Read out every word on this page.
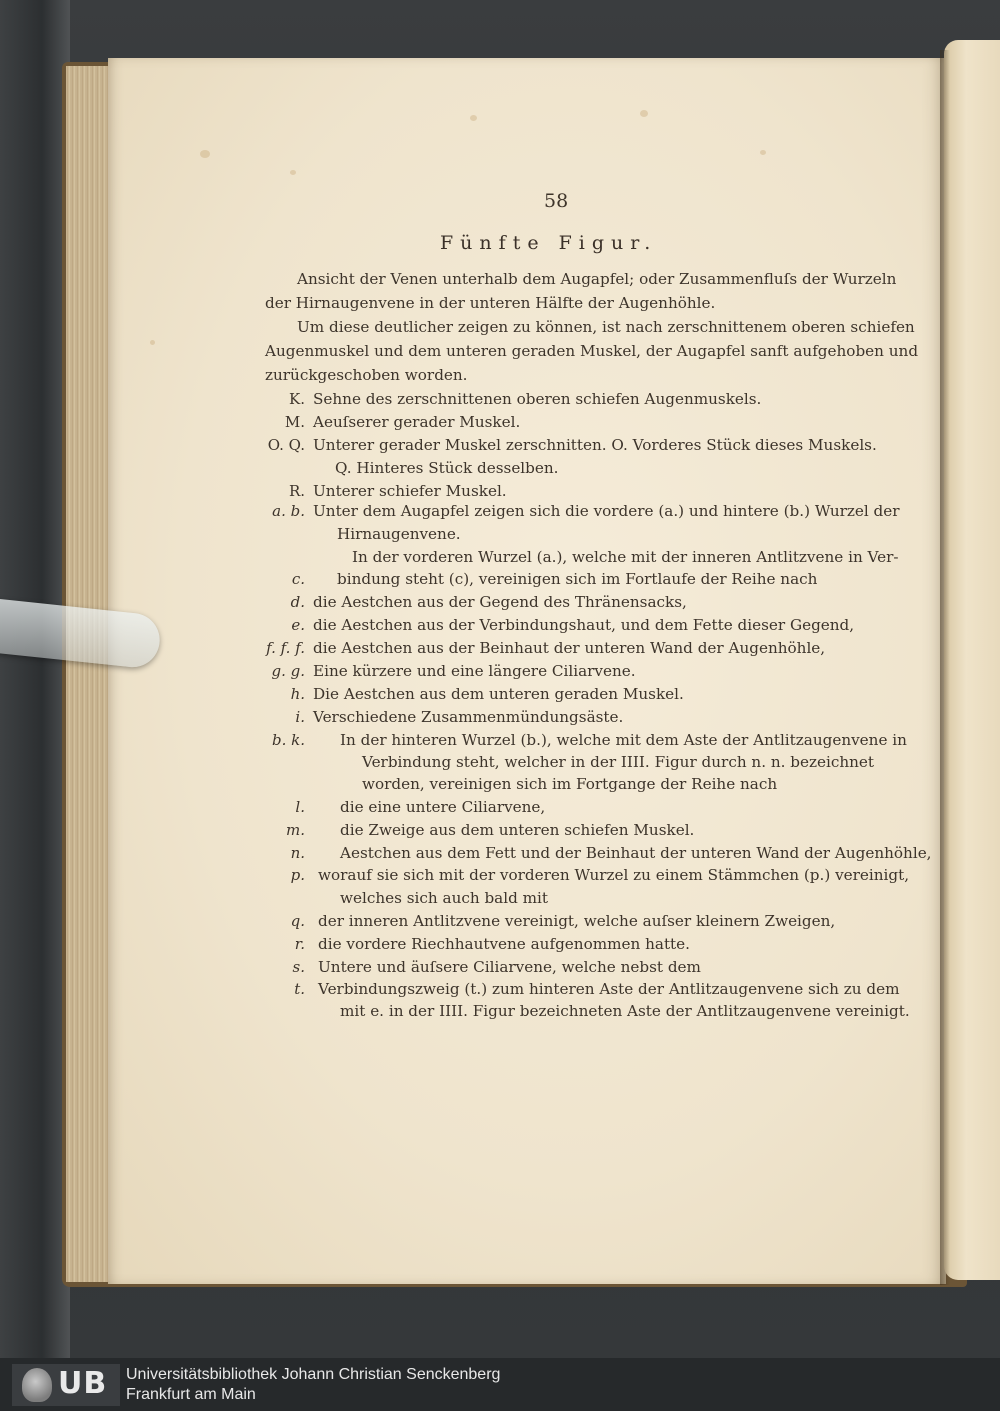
58
Fünfte Figur.
Ansicht der Venen unterhalb dem Augapfel; oder Zusammenfluſs der Wurzeln
der Hirnaugenvene in der unteren Hälfte der Augenhöhle.
Um diese deutlicher zeigen zu können, ist nach zerschnittenem oberen schiefen
Augenmuskel und dem unteren geraden Muskel, der Augapfel sanft aufgehoben und
zurückgeschoben worden.
K. Sehne des zerschnittenen oberen schiefen Augenmuskels.
M. Aeuſserer gerader Muskel.
O. Q. Unterer gerader Muskel zerschnitten. O. Vorderes Stück dieses Muskels.
Q. Hinteres Stück desselben.
R. Unterer schiefer Muskel.
a. b. Unter dem Augapfel zeigen sich die vordere (a.) und hintere (b.) Wurzel der
Hirnaugenvene.
In der vorderen Wurzel (a.), welche mit der inneren Antlitzvene in Ver-
c. bindung steht (c), vereinigen sich im Fortlaufe der Reihe nach
d. die Aestchen aus der Gegend des Thränensacks,
e. die Aestchen aus der Verbindungshaut, und dem Fette dieser Gegend,
f. f. f. die Aestchen aus der Beinhaut der unteren Wand der Augenhöhle,
g. g. Eine kürzere und eine längere Ciliarvene.
h. Die Aestchen aus dem unteren geraden Muskel.
i. Verschiedene Zusammenmündungsäste.
b. k. In der hinteren Wurzel (b.), welche mit dem Aste der Antlitzaugenvene in
Verbindung steht, welcher in der IIII. Figur durch n. n. bezeichnet
worden, vereinigen sich im Fortgange der Reihe nach
l. die eine untere Ciliarvene,
m. die Zweige aus dem unteren schiefen Muskel.
n. Aestchen aus dem Fett und der Beinhaut der unteren Wand der Augenhöhle,
p. worauf sie sich mit der vorderen Wurzel zu einem Stämmchen (p.) vereinigt,
welches sich auch bald mit
q. der inneren Antlitzvene vereinigt, welche auſser kleinern Zweigen,
r. die vordere Riechhautvene aufgenommen hatte.
s. Untere und äuſsere Ciliarvene, welche nebst dem
t. Verbindungszweig (t.) zum hinteren Aste der Antlitzaugenvene sich zu dem
mit e. in der IIII. Figur bezeichneten Aste der Antlitzaugenvene vereinigt.
UB Universitätsbibliothek Johann Christian Senckenberg
Frankfurt am Main
